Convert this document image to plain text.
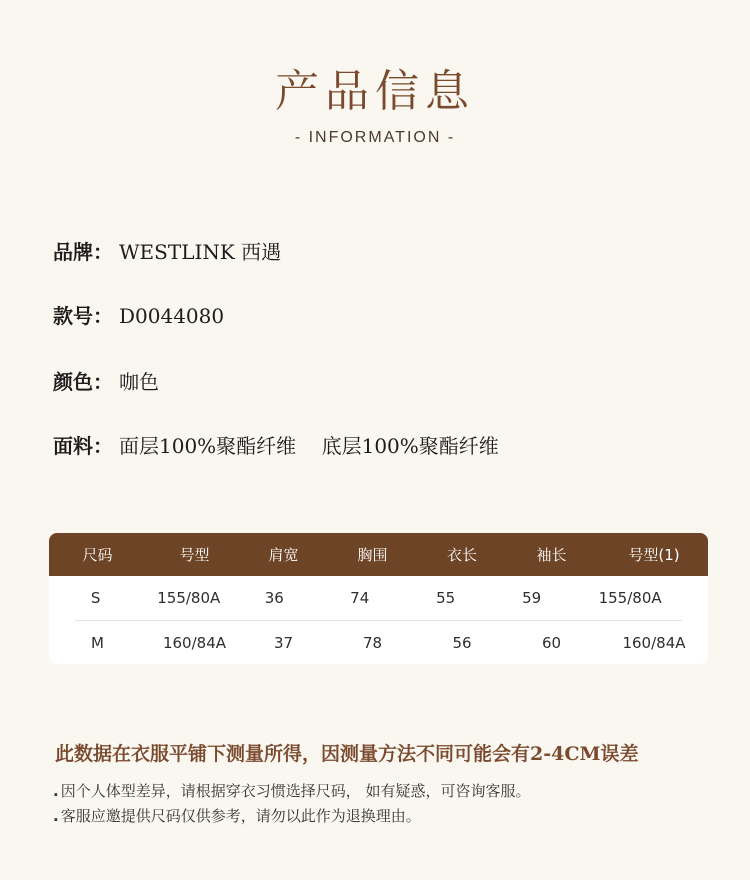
产品信息
- INFORMATION -
品牌： WESTLINK 西遇
款号： D0044080
颜色： 咖色
面料： 面层100%聚酯纤维    底层100%聚酯纤维
尺码	号型	肩宽	胸围	衣长	袖长	号型(1)
S	155/80A	36	74	55	59	155/80A
M	160/84A	37	78	56	60	160/84A
此数据在衣服平铺下测量所得，因测量方法不同可能会有2-4CM误差
. 因个人体型差异，请根据穿衣习惯选择尺码， 如有疑惑，可咨询客服。
. 客服应邀提供尺码仅供参考，请勿以此作为退换理由。
